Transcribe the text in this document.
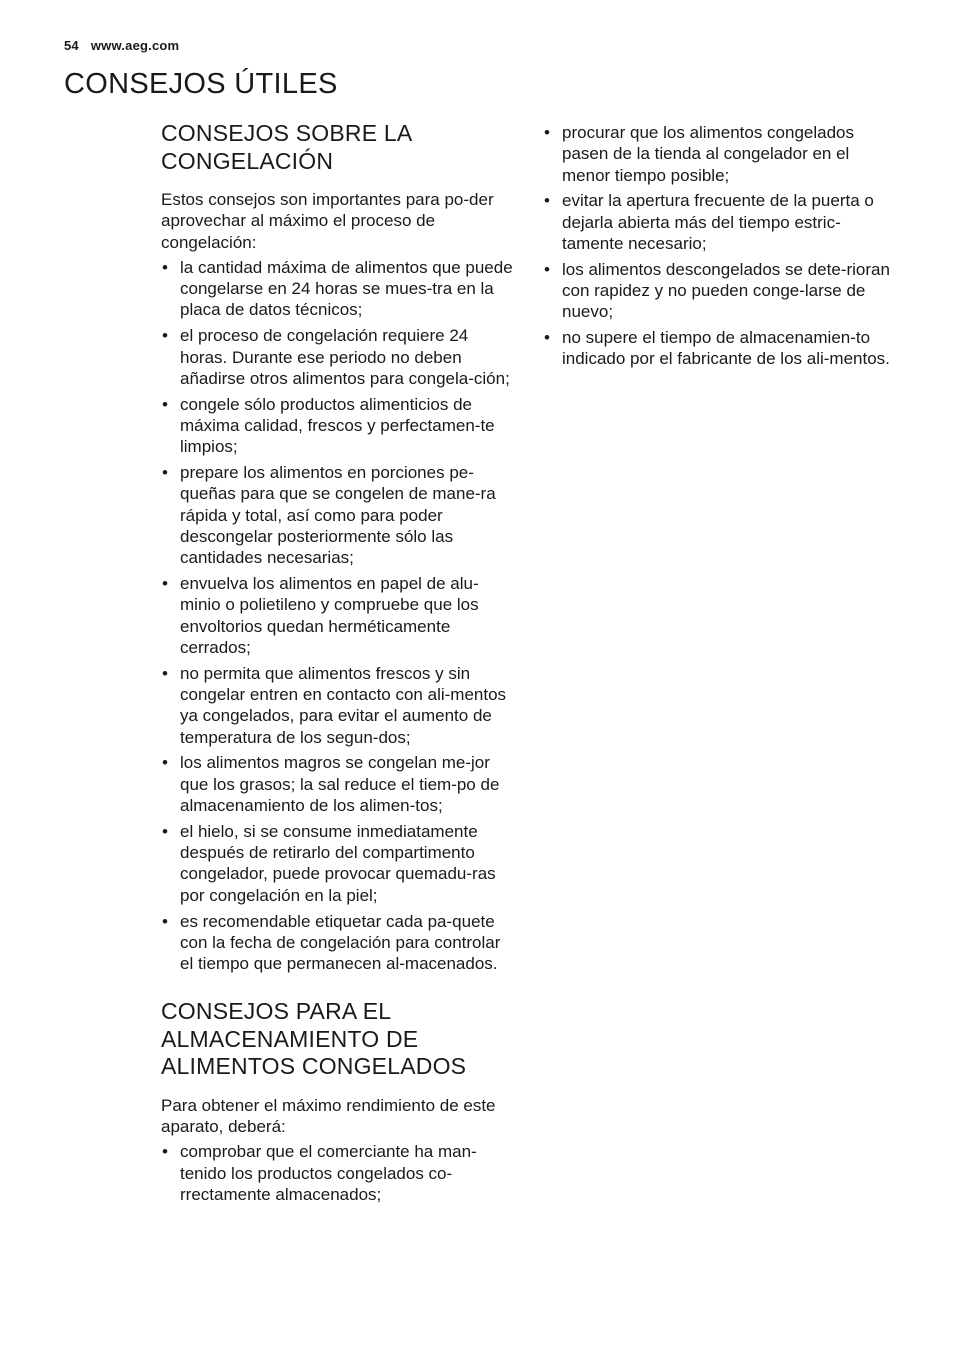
54 www.aeg.com
CONSEJOS ÚTILES
CONSEJOS SOBRE LA
CONGELACIÓN

Estos consejos son importantes para po-der aprovechar al máximo el proceso de congelación:

• la cantidad máxima de alimentos que puede congelarse en 24 horas se mues-tra en la placa de datos técnicos;
• el proceso de congelación requiere 24 horas. Durante ese periodo no deben añadirse otros alimentos para congela-ción;
• congele sólo productos alimenticios de máxima calidad, frescos y perfectamen-te limpios;
• prepare los alimentos en porciones pe-queñas para que se congelen de mane-ra rápida y total, así como para poder descongelar posteriormente sólo las cantidades necesarias;
• envuelva los alimentos en papel de alu-minio o polietileno y compruebe que los envoltorios quedan herméticamente cerrados;
• no permita que alimentos frescos y sin congelar entren en contacto con ali-mentos ya congelados, para evitar el aumento de temperatura de los segun-dos;
• los alimentos magros se congelan me-jor que los grasos; la sal reduce el tiem-po de almacenamiento de los alimen-tos;
• el hielo, si se consume inmediatamente después de retirarlo del compartimento congelador, puede provocar quemadu-ras por congelación en la piel;
• es recomendable etiquetar cada pa-quete con la fecha de congelación para controlar el tiempo que permanecen al-macenados.
CONSEJOS PARA EL
ALMACENAMIENTO DE
ALIMENTOS CONGELADOS

Para obtener el máximo rendimiento de este aparato, deberá:

• comprobar que el comerciante ha man-tenido los productos congelados co-rrectamente almacenados;
• procurar que los alimentos congelados pasen de la tienda al congelador en el menor tiempo posible;
• evitar la apertura frecuente de la puerta o dejarla abierta más del tiempo estric-tamente necesario;
• los alimentos descongelados se dete-rioran con rapidez y no pueden conge-larse de nuevo;
• no supere el tiempo de almacenamien-to indicado por el fabricante de los ali-mentos.
